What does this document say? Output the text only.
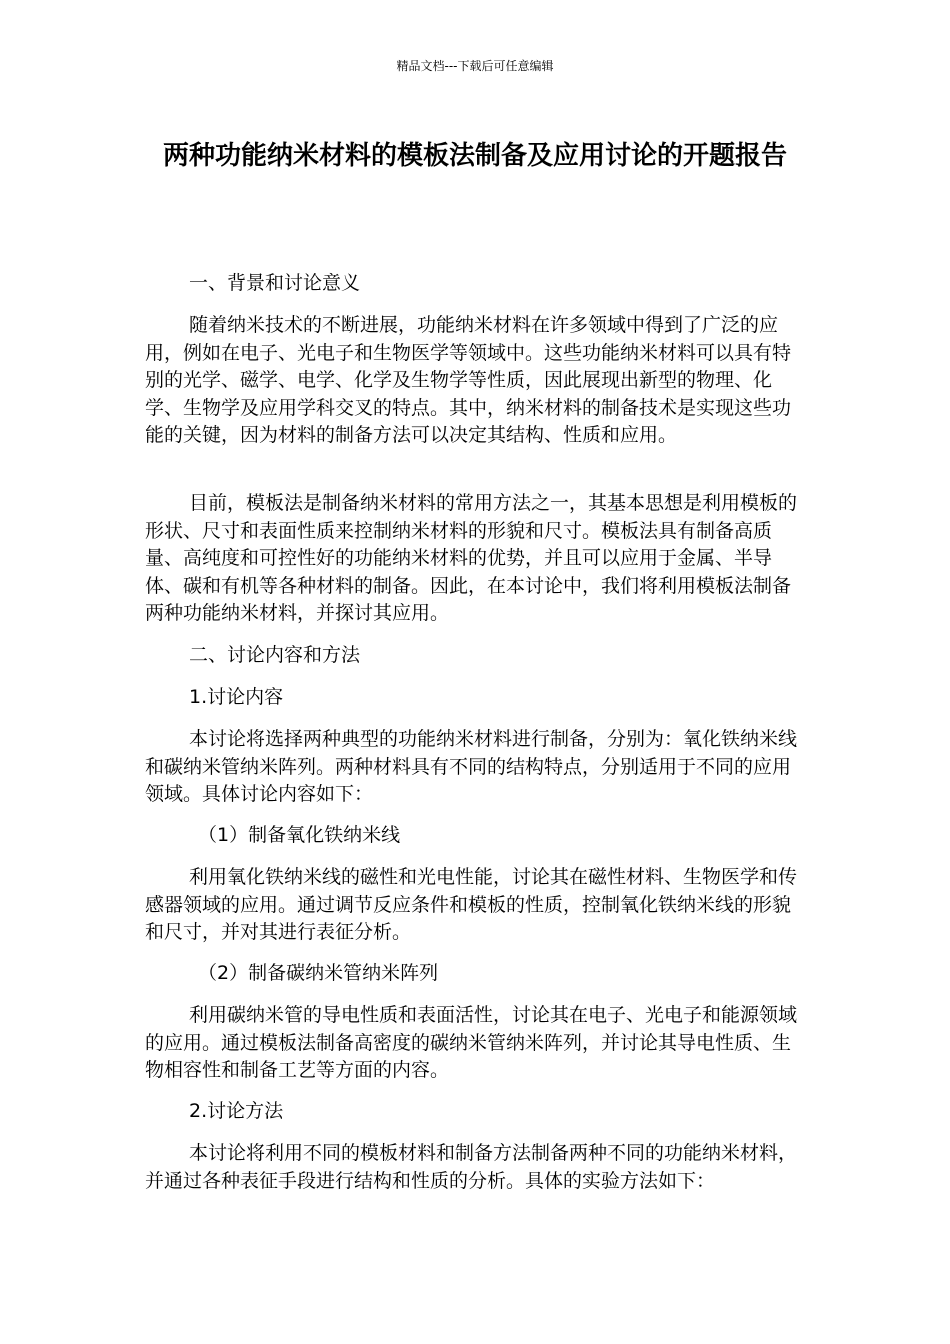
精品文档---下载后可任意编辑
两种功能纳米材料的模板法制备及应用讨论的开题报告

一、背景和讨论意义

随着纳米技术的不断进展，功能纳米材料在许多领域中得到了广泛的应用，例如在电子、光电子和生物医学等领域中。这些功能纳米材料可以具有特别的光学、磁学、电学、化学及生物学等性质，因此展现出新型的物理、化学、生物学及应用学科交叉的特点。其中，纳米材料的制备技术是实现这些功能的关键，因为材料的制备方法可以决定其结构、性质和应用。

目前，模板法是制备纳米材料的常用方法之一，其基本思想是利用模板的形状、尺寸和表面性质来控制纳米材料的形貌和尺寸。模板法具有制备高质量、高纯度和可控性好的功能纳米材料的优势，并且可以应用于金属、半导体、碳和有机等各种材料的制备。因此，在本讨论中，我们将利用模板法制备两种功能纳米材料，并探讨其应用。

二、讨论内容和方法

1.讨论内容

本讨论将选择两种典型的功能纳米材料进行制备，分别为：氧化铁纳米线和碳纳米管纳米阵列。两种材料具有不同的结构特点，分别适用于不同的应用领域。具体讨论内容如下：

（1）制备氧化铁纳米线

利用氧化铁纳米线的磁性和光电性能，讨论其在磁性材料、生物医学和传感器领域的应用。通过调节反应条件和模板的性质，控制氧化铁纳米线的形貌和尺寸，并对其进行表征分析。

（2）制备碳纳米管纳米阵列

利用碳纳米管的导电性质和表面活性，讨论其在电子、光电子和能源领域的应用。通过模板法制备高密度的碳纳米管纳米阵列，并讨论其导电性质、生物相容性和制备工艺等方面的内容。

2.讨论方法

本讨论将利用不同的模板材料和制备方法制备两种不同的功能纳米材料，并通过各种表征手段进行结构和性质的分析。具体的实验方法如下：
